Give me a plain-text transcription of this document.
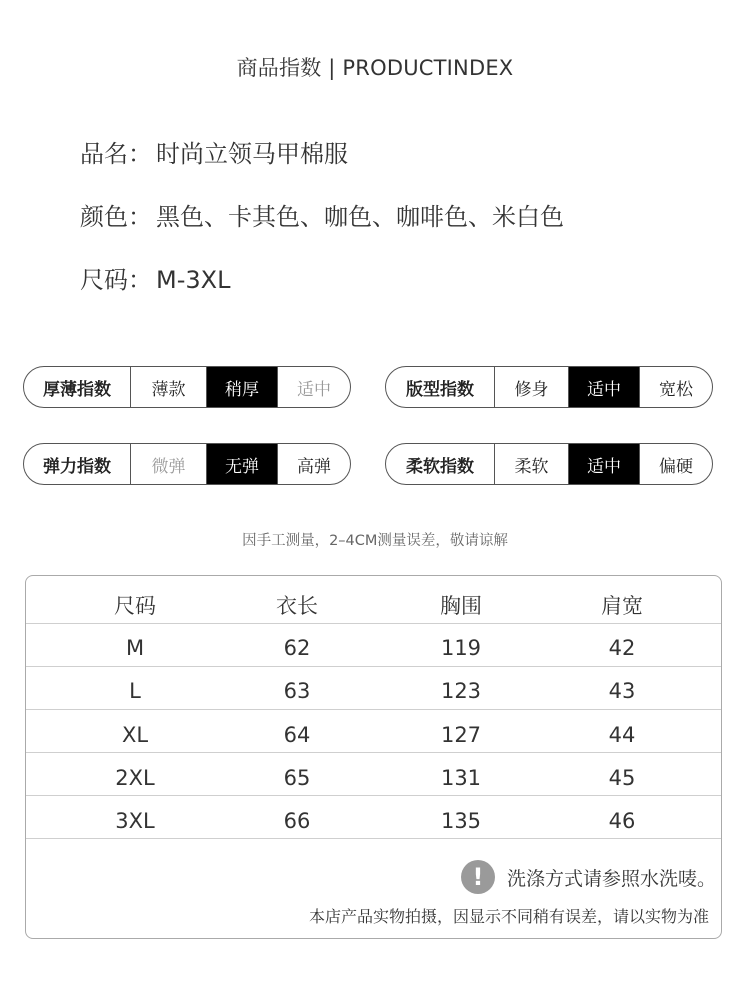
商品指数 | PRODUCTINDEX
品名： 时尚立领马甲棉服
颜色： 黑色、卡其色、咖色、咖啡色、米白色
尺码： M-3XL
厚薄指数	薄款	稍厚	适中	版型指数	修身	适中	宽松
弹力指数	微弹	无弹	高弹	柔软指数	柔软	适中	偏硬
因手工测量，2–4CM测量误差，敬请谅解
尺码	衣长	胸围	肩宽
M	62	119	42
L	63	123	43
XL	64	127	44
2XL	65	131	45
3XL	66	135	46
!	洗涤方式请参照水洗唛。
本店产品实物拍摄，因显示不同稍有误差，请以实物为准
